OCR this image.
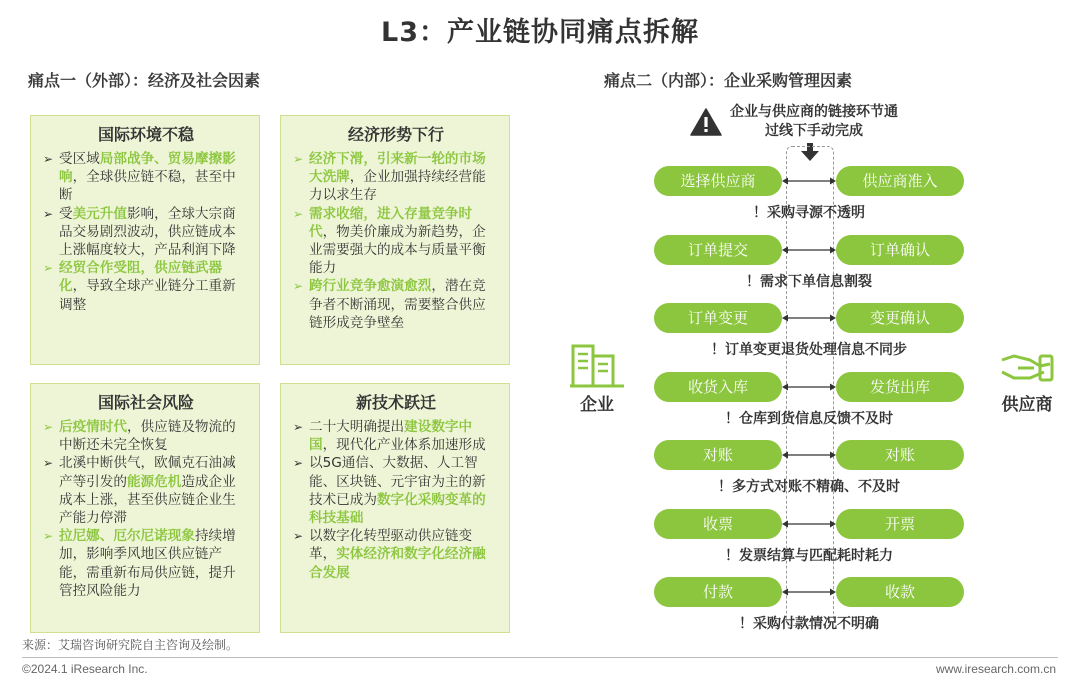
L3：产业链协同痛点拆解
痛点一（外部）：经济及社会因素	痛点二（内部）：企业采购管理因素
国际环境不稳
➢ 受区域局部战争、贸易摩擦影响，全球供应链不稳，甚至中断
➢ 受美元升值影响，全球大宗商品交易剧烈波动，供应链成本上涨幅度较大，产品利润下降
➢ 经贸合作受阻，供应链武器化，导致全球产业链分工重新调整
经济形势下行
➢ 经济下滑，引来新一轮的市场大洗牌，企业加强持续经营能力以求生存
➢ 需求收缩，进入存量竞争时代，物美价廉成为新趋势，企业需要强大的成本与质量平衡能力
➢ 跨行业竞争愈演愈烈，潜在竞争者不断涌现，需要整合供应链形成竞争壁垒
国际社会风险
➢ 后疫情时代，供应链及物流的中断还未完全恢复
➢ 北溪中断供气，欧佩克石油减产等引发的能源危机造成企业成本上涨，甚至供应链企业生产能力停滞
➢ 拉尼娜、厄尔尼诺现象持续增加，影响季风地区供应链产能，需重新布局供应链，提升管控风险能力
新技术跃迁
➢ 二十大明确提出建设数字中国，现代化产业体系加速形成
➢ 以5G通信、大数据、人工智能、区块链、元宇宙为主的新技术已成为数字化采购变革的科技基础
➢ 以数字化转型驱动供应链变革，实体经济和数字化经济融合发展
企业与供应商的链接环节通过线下手动完成
选择供应商	供应商准入
！采购寻源不透明
订单提交	订单确认
！需求下单信息割裂
订单变更	变更确认
！订单变更退货处理信息不同步
收货入库	发货出库
！仓库到货信息反馈不及时
对账	对账
！多方式对账不精确、不及时
收票	开票
！发票结算与匹配耗时耗力
付款	收款
！采购付款情况不明确
企业	供应商
来源：艾瑞咨询研究院自主咨询及绘制。
©2024.1 iResearch Inc.	www.iresearch.com.cn
